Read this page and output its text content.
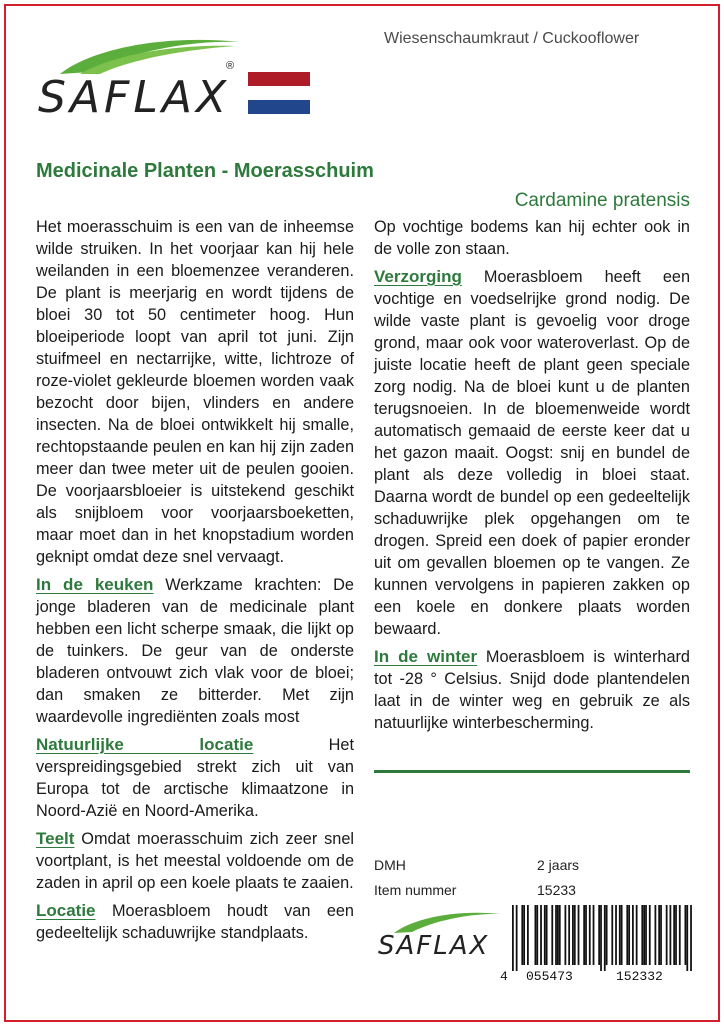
SAFLAX
®
Wiesenschaumkraut / Cuckooflower
Medicinale Planten - Moerasschuim
Cardamine pratensis

Het moerasschuim is een van de inheemse wilde struiken. In het voorjaar kan hij hele weilanden in een bloemenzee veranderen. De plant is meerjarig en wordt tijdens de bloei 30 tot 50 centimeter hoog. Hun bloeiperiode loopt van april tot juni. Zijn stuifmeel en nectarrijke, witte, lichtroze of roze-violet gekleurde bloemen worden vaak bezocht door bijen, vlinders en andere insecten. Na de bloei ontwikkelt hij smalle, rechtopstaande peulen en kan hij zijn zaden meer dan twee meter uit de peulen gooien. De voorjaarsbloeier is uitstekend geschikt als snijbloem voor voorjaarsboeketten, maar moet dan in het knopstadium worden geknipt omdat deze snel vervaagt.

In de keuken Werkzame krachten: De jonge bladeren van de medicinale plant hebben een licht scherpe smaak, die lijkt op de tuinkers. De geur van de onderste bladeren ontvouwt zich vlak voor de bloei; dan smaken ze bitterder. Met zijn waardevolle ingrediënten zoals most

Natuurlijke locatie	Het verspreidingsgebied strekt zich uit van Europa tot de arctische klimaatzone in Noord-Azië en Noord-Amerika.

Teelt Omdat moerasschuim zich zeer snel voortplant, is het meestal voldoende om de zaden in april op een koele plaats te zaaien.

Locatie Moerasbloem houdt van een gedeeltelijk schaduwrijke standplaats.

Op vochtige bodems kan hij echter ook in de volle zon staan.

Verzorging Moerasbloem heeft een vochtige en voedselrijke grond nodig. De wilde vaste plant is gevoelig voor droge grond, maar ook voor wateroverlast. Op de juiste locatie heeft de plant geen speciale zorg nodig. Na de bloei kunt u de planten terugsnoeien. In de bloemenweide wordt automatisch gemaaid de eerste keer dat u het gazon maait. Oogst: snij en bundel de plant als deze volledig in bloei staat. Daarna wordt de bundel op een gedeeltelijk schaduwrijke plek opgehangen om te drogen. Spreid een doek of papier eronder uit om gevallen bloemen op te vangen. Ze kunnen vervolgens in papieren zakken op een koele en donkere plaats worden bewaard.

In de winter Moerasbloem is winterhard tot -28 ° Celsius. Snijd dode plantendelen laat in de winter weg en gebruik ze als natuurlijke winterbescherming.

DMH	2 jaars
Item nummer	15233
SAFLAX
4 055473	152332
